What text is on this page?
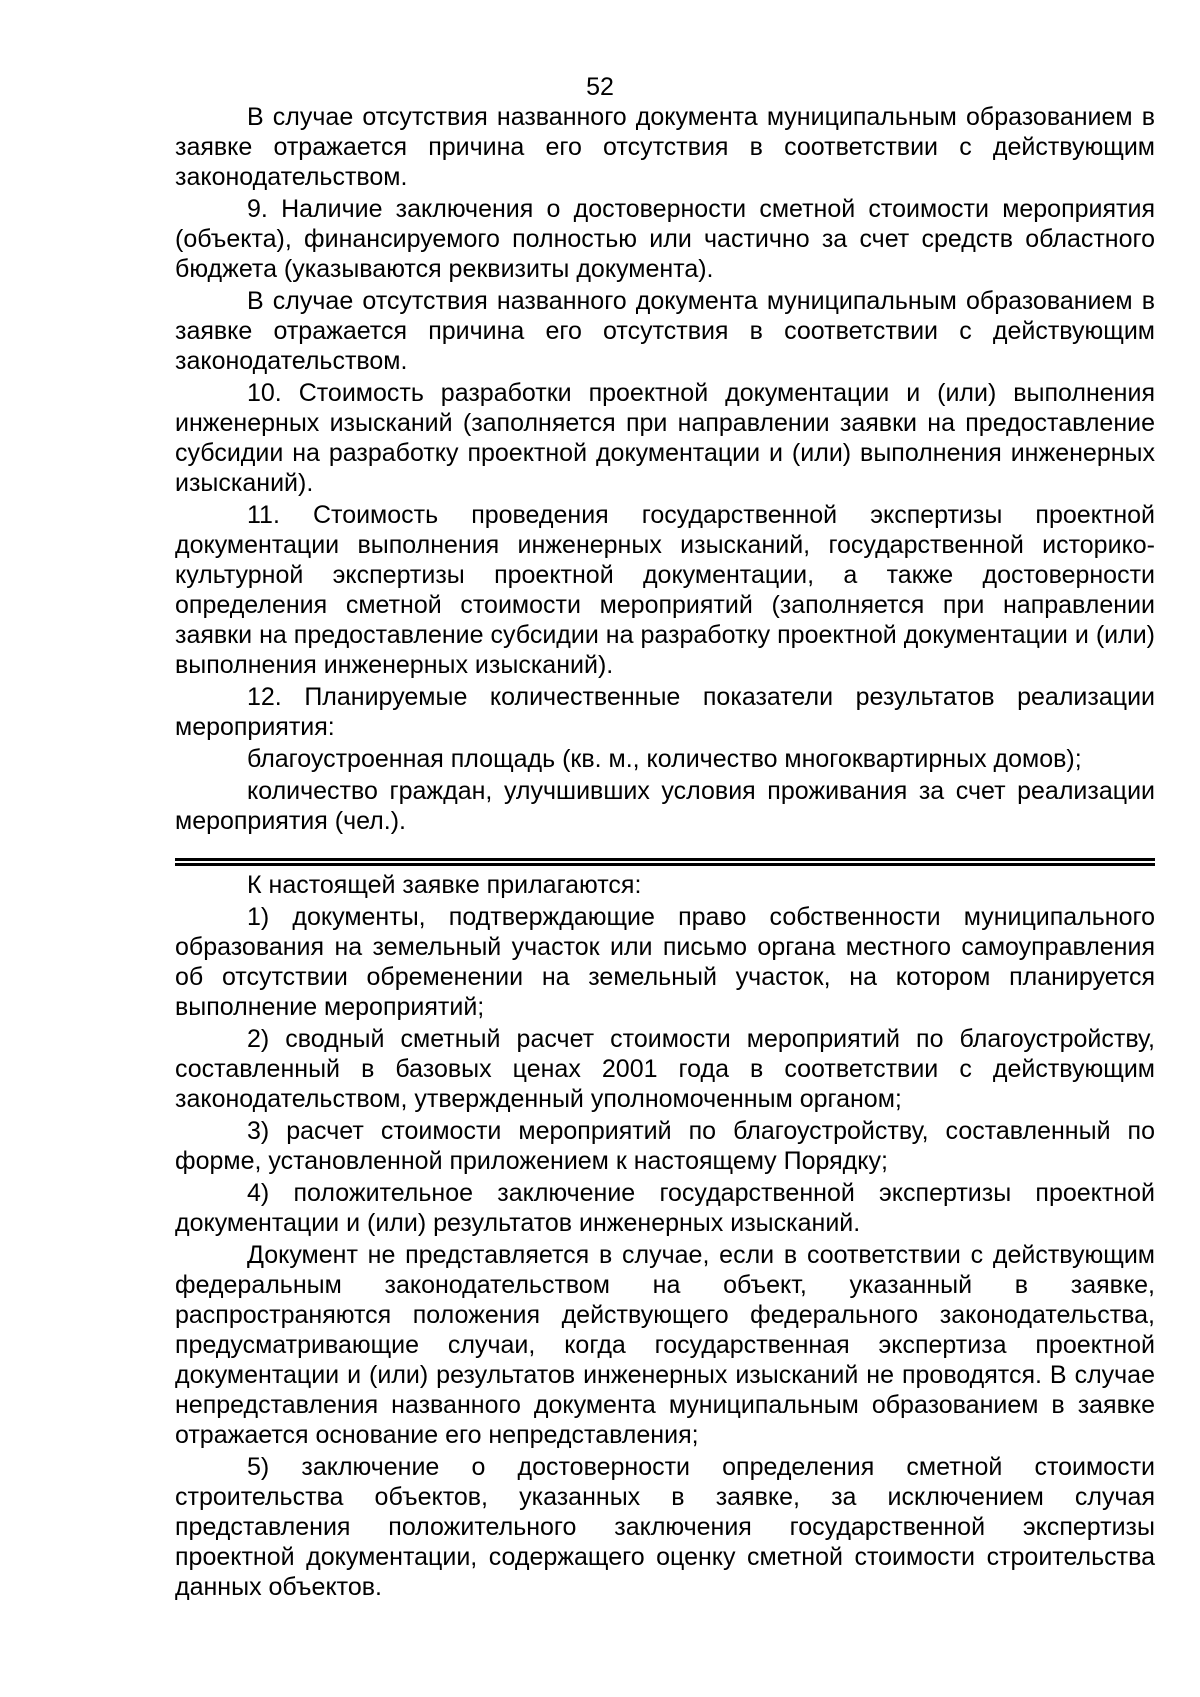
52

В случае отсутствия названного документа муниципальным образованием в заявке отражается причина его отсутствия в соответствии с действующим законодательством.

9. Наличие заключения о достоверности сметной стоимости мероприятия (объекта), финансируемого полностью или частично за счет средств областного бюджета (указываются реквизиты документа).

В случае отсутствия названного документа муниципальным образованием в заявке отражается причина его отсутствия в соответствии с действующим законодательством.

10. Стоимость разработки проектной документации и (или) выполнения инженерных изысканий (заполняется при направлении заявки на предоставление субсидии на разработку проектной документации и (или) выполнения инженерных изысканий).

11. Стоимость проведения государственной экспертизы проектной документации выполнения инженерных изысканий, государственной историко-культурной экспертизы проектной документации, а также достоверности определения сметной стоимости мероприятий (заполняется при направлении заявки на предоставление субсидии на разработку проектной документации и (или) выполнения инженерных изысканий).

12. Планируемые количественные показатели результатов реализации мероприятия:

благоустроенная площадь (кв. м., количество многоквартирных домов);

количество граждан, улучшивших условия проживания за счет реализации мероприятия (чел.).

К настоящей заявке прилагаются:

1) документы, подтверждающие право собственности муниципального образования на земельный участок или письмо органа местного самоуправления об отсутствии обременении на земельный участок, на котором планируется выполнение мероприятий;

2) сводный сметный расчет стоимости мероприятий по благоустройству, составленный в базовых ценах 2001 года в соответствии с действующим законодательством, утвержденный уполномоченным органом;

3) расчет стоимости мероприятий по благоустройству, составленный по форме, установленной приложением к настоящему Порядку;

4) положительное заключение государственной экспертизы проектной документации и (или) результатов инженерных изысканий.

Документ не представляется в случае, если в соответствии с действующим федеральным законодательством на объект, указанный в заявке, распространяются положения действующего федерального законодательства, предусматривающие случаи, когда государственная экспертиза проектной документации и (или) результатов инженерных изысканий не проводятся. В случае непредставления названного документа муниципальным образованием в заявке отражается основание его непредставления;

5) заключение о достоверности определения сметной стоимости строительства объектов, указанных в заявке, за исключением случая представления положительного заключения государственной экспертизы проектной документации, содержащего оценку сметной стоимости строительства данных объектов.
